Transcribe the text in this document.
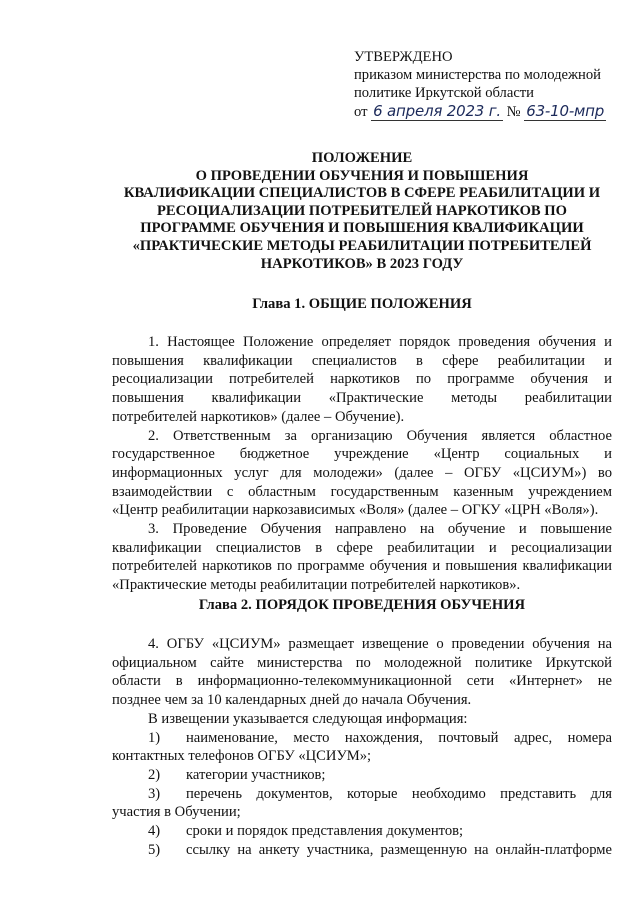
УТВЕРЖДЕНО
приказом министерства по молодежной
политике Иркутской области
от 6 апреля 2023 г. № 63-10-мпр
ПОЛОЖЕНИЕ
О ПРОВЕДЕНИИ ОБУЧЕНИЯ И ПОВЫШЕНИЯ
КВАЛИФИКАЦИИ СПЕЦИАЛИСТОВ В СФЕРЕ РЕАБИЛИТАЦИИ И
РЕСОЦИАЛИЗАЦИИ ПОТРЕБИТЕЛЕЙ НАРКОТИКОВ ПО
ПРОГРАММЕ ОБУЧЕНИЯ И ПОВЫШЕНИЯ КВАЛИФИКАЦИИ
«ПРАКТИЧЕСКИЕ МЕТОДЫ РЕАБИЛИТАЦИИ ПОТРЕБИТЕЛЕЙ
НАРКОТИКОВ» В 2023 ГОДУ
Глава 1. ОБЩИЕ ПОЛОЖЕНИЯ
1. Настоящее Положение определяет порядок проведения обучения и
повышения квалификации специалистов в сфере реабилитации и
ресоциализации потребителей наркотиков по программе обучения и
повышения квалификации «Практические методы реабилитации
потребителей наркотиков» (далее – Обучение).
2. Ответственным за организацию Обучения является областное
государственное бюджетное учреждение «Центр социальных и
информационных услуг для молодежи» (далее – ОГБУ «ЦСИУМ») во
взаимодействии с областным государственным казенным учреждением
«Центр реабилитации наркозависимых «Воля» (далее – ОГКУ «ЦРН «Воля»).
3. Проведение Обучения направлено на обучение и повышение
квалификации специалистов в сфере реабилитации и ресоциализации
потребителей наркотиков по программе обучения и повышения квалификации
«Практические методы реабилитации потребителей наркотиков».
Глава 2. ПОРЯДОК ПРОВЕДЕНИЯ ОБУЧЕНИЯ
4. ОГБУ «ЦСИУМ» размещает извещение о проведении обучения на
официальном сайте министерства по молодежной политике Иркутской
области в информационно-телекоммуникационной сети «Интернет» не
позднее чем за 10 календарных дней до начала Обучения.
В извещении указывается следующая информация:
1)	наименование, место нахождения, почтовый адрес, номера
контактных телефонов ОГБУ «ЦСИУМ»;
2)	категории участников;
3)	перечень документов, которые необходимо представить для
участия в Обучении;
4)	сроки и порядок представления документов;
5)	ссылку на анкету участника, размещенную на онлайн-платформе
